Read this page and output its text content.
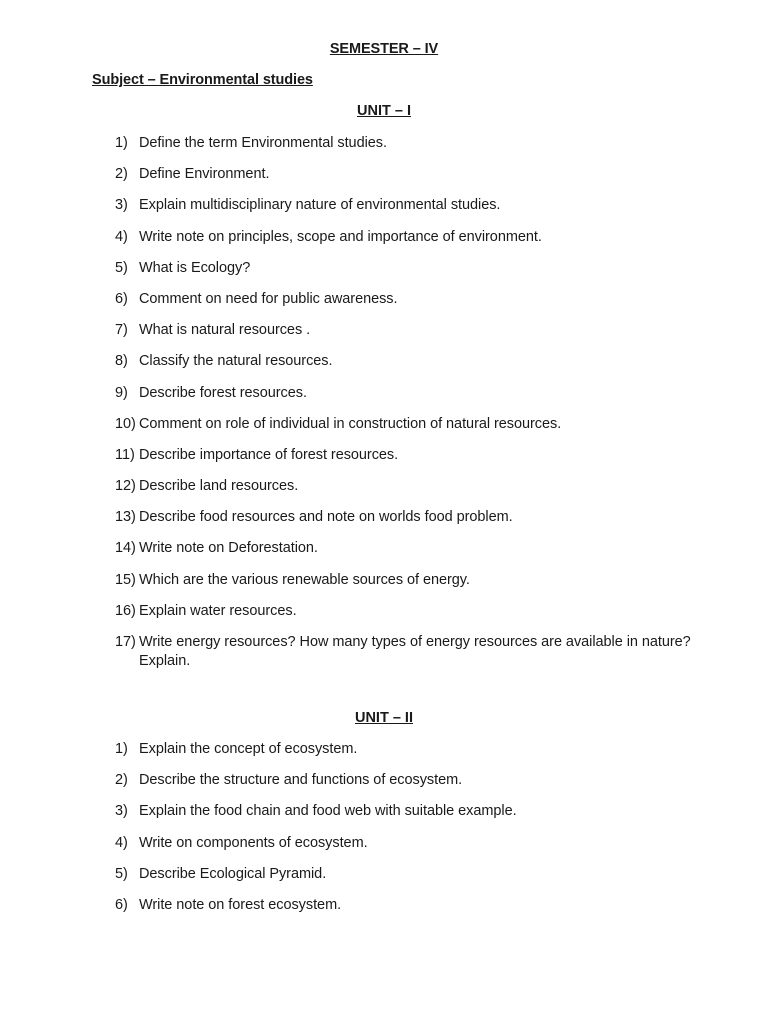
SEMESTER – IV
Subject – Environmental studies
UNIT – I
1) Define the term Environmental studies.
2) Define Environment.
3) Explain multidisciplinary nature of environmental studies.
4) Write note on principles, scope and importance of environment.
5) What is Ecology?
6) Comment on need for public awareness.
7) What is natural resources .
8) Classify the natural resources.
9) Describe forest resources.
10) Comment on role of individual in construction of natural resources.
11) Describe importance of forest resources.
12) Describe land resources.
13) Describe food resources and note on worlds food problem.
14) Write note on Deforestation.
15) Which are the various renewable sources of energy.
16) Explain water resources.
17) Write energy resources? How many types of energy resources are available in nature? Explain.
UNIT – II
1) Explain the concept of ecosystem.
2) Describe the structure and functions of ecosystem.
3) Explain the food chain and food web with suitable example.
4) Write on components of ecosystem.
5) Describe Ecological Pyramid.
6) Write note on forest ecosystem.
